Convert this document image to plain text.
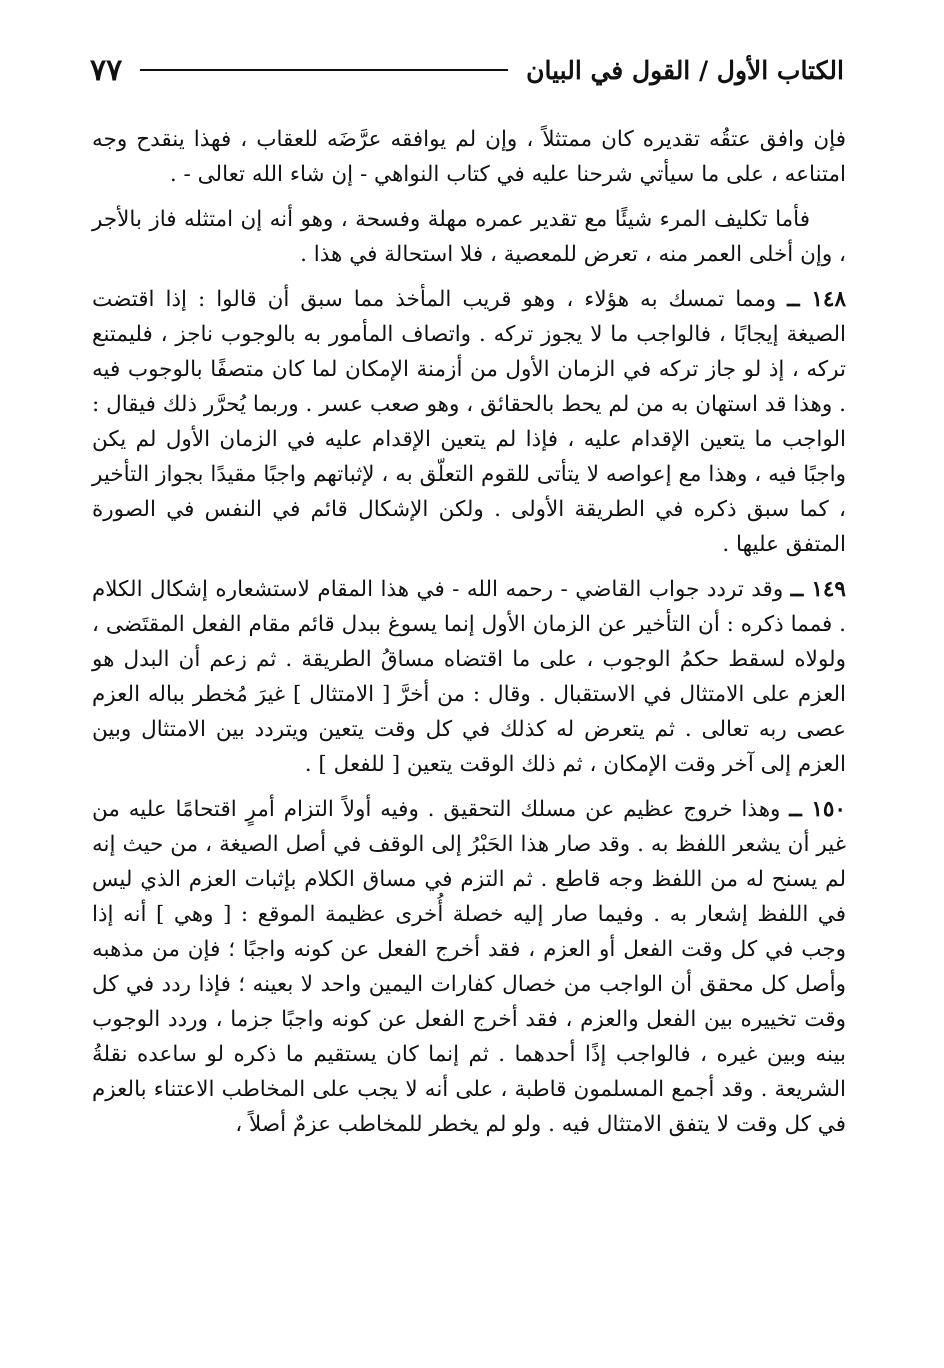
الكتاب الأول / القول في البيان
٧٧

فإن وافق عتقُه تقديره كان ممتثلاً ، وإن لم يوافقه عرَّضَه للعقاب ، فهذا ينقدح وجه امتناعه ، على ما سيأتي شرحنا عليه في كتاب النواهي - إن شاء الله تعالى - .

فأما تكليف المرء شيئًا مع تقدير عمره مهلة وفسحة ، وهو أنه إن امتثله فاز بالأجر ، وإن أخلى العمر منه ، تعرض للمعصية ، فلا استحالة في هذا .

١٤٨ ــ ومما تمسك به هؤلاء ، وهو قريب المأخذ مما سبق أن قالوا : إذا اقتضت الصيغة إيجابًا ، فالواجب ما لا يجوز تركه . واتصاف المأمور به بالوجوب ناجز ، فليمتنع تركه ، إذ لو جاز تركه في الزمان الأول من أزمنة الإمكان لما كان متصفًا بالوجوب فيه . وهذا قد استهان به من لم يحط بالحقائق ، وهو صعب عسر . وربما يُحرَّر ذلك فيقال : الواجب ما يتعين الإقدام عليه ، فإذا لم يتعين الإقدام عليه في الزمان الأول لم يكن واجبًا فيه ، وهذا مع إعواصه لا يتأتى للقوم التعلّق به ، لإثباتهم واجبًا مقيدًا بجواز التأخير ، كما سبق ذكره في الطريقة الأولى . ولكن الإشكال قائم في النفس في الصورة المتفق عليها .

١٤٩ ــ وقد تردد جواب القاضي - رحمه الله - في هذا المقام لاستشعاره إشكال الكلام . فمما ذكره : أن التأخير عن الزمان الأول إنما يسوغ ببدل قائم مقام الفعل المقتَضى ، ولولاه لسقط حكمُ الوجوب ، على ما اقتضاه مساقُ الطريقة . ثم زعم أن البدل هو العزم على الامتثال في الاستقبال . وقال : من أخرَّ [ الامتثال ] غيرَ مُخطر بباله العزم عصى ربه تعالى . ثم يتعرض له كذلك في كل وقت يتعين ويتردد بين الامتثال وبين العزم إلى آخر وقت الإمكان ، ثم ذلك الوقت يتعين [ للفعل ] .

١٥٠ ــ وهذا خروج عظيم عن مسلك التحقيق . وفيه أولاً التزام أمرٍ اقتحامًا عليه من غير أن يشعر اللفظ به . وقد صار هذا الحَبْرُ إلى الوقف في أصل الصيغة ، من حيث إنه لم يسنح له من اللفظ وجه قاطع . ثم التزم في مساق الكلام بإثبات العزم الذي ليس في اللفظ إشعار به . وفيما صار إليه خصلة أُخرى عظيمة الموقع : [ وهي ] أنه إذا وجب في كل وقت الفعل أو العزم ، فقد أخرج الفعل عن كونه واجبًا ؛ فإن من مذهبه وأصل كل محقق أن الواجب من خصال كفارات اليمين واحد لا بعينه ؛ فإذا ردد في كل وقت تخييره بين الفعل والعزم ، فقد أخرج الفعل عن كونه واجبًا جزما ، وردد الوجوب بينه وبين غيره ، فالواجب إذًا أحدهما . ثم إنما كان يستقيم ما ذكره لو ساعده نقلةُ الشريعة . وقد أجمع المسلمون قاطبة ، على أنه لا يجب على المخاطب الاعتناء بالعزم في كل وقت لا يتفق الامتثال فيه . ولو لم يخطر للمخاطب عزمٌ أصلاً ،
